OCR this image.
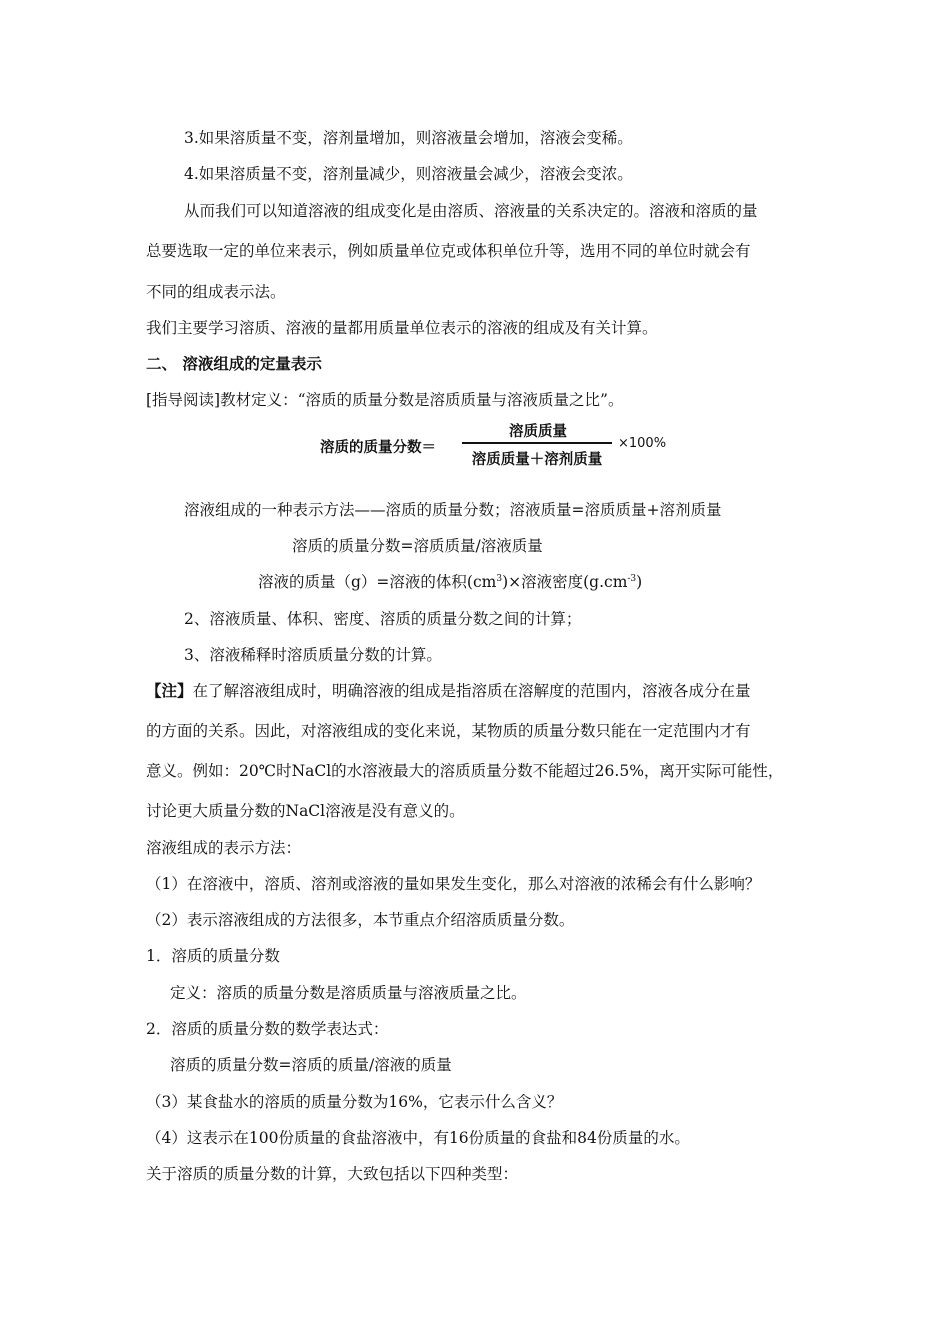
3.如果溶质量不变，溶剂量增加，则溶液量会增加，溶液会变稀。
4.如果溶质量不变，溶剂量减少，则溶液量会减少，溶液会变浓。
从而我们可以知道溶液的组成变化是由溶质、溶液量的关系决定的。溶液和溶质的量
总要选取一定的单位来表示，例如质量单位克或体积单位升等，选用不同的单位时就会有
不同的组成表示法。
我们主要学习溶质、溶液的量都用质量单位表示的溶液的组成及有关计算。
二、 溶液组成的定量表示
[指导阅读]教材定义：“溶质的质量分数是溶质质量与溶液质量之比”。
溶质的质量分数＝
溶质质量
溶质质量＋溶剂质量
×100%
溶液组成的一种表示方法——溶质的质量分数；溶液质量=溶质质量+溶剂质量
溶质的质量分数=溶质质量/溶液质量
溶液的质量（g）=溶液的体积$(cm^3)\times$溶液密度$(g.cm^{-3})$
2、溶液质量、体积、密度、溶质的质量分数之间的计算；
3、溶液稀释时溶质质量分数的计算。
【注】在了解溶液组成时，明确溶液的组成是指溶质在溶解度的范围内，溶液各成分在量
的方面的关系。因此，对溶液组成的变化来说，某物质的质量分数只能在一定范围内才有
意义。例如：20℃时NaCl的水溶液最大的溶质质量分数不能超过26.5%，离开实际可能性，
讨论更大质量分数的NaCl溶液是没有意义的。
溶液组成的表示方法：
（1）在溶液中，溶质、溶剂或溶液的量如果发生变化，那么对溶液的浓稀会有什么影响？
（2）表示溶液组成的方法很多，本节重点介绍溶质质量分数。
1．溶质的质量分数
定义：溶质的质量分数是溶质质量与溶液质量之比。
2．溶质的质量分数的数学表达式：
溶质的质量分数=溶质的质量/溶液的质量
（3）某食盐水的溶质的质量分数为16%，它表示什么含义？
（4）这表示在100份质量的食盐溶液中，有16份质量的食盐和84份质量的水。
关于溶质的质量分数的计算，大致包括以下四种类型：
